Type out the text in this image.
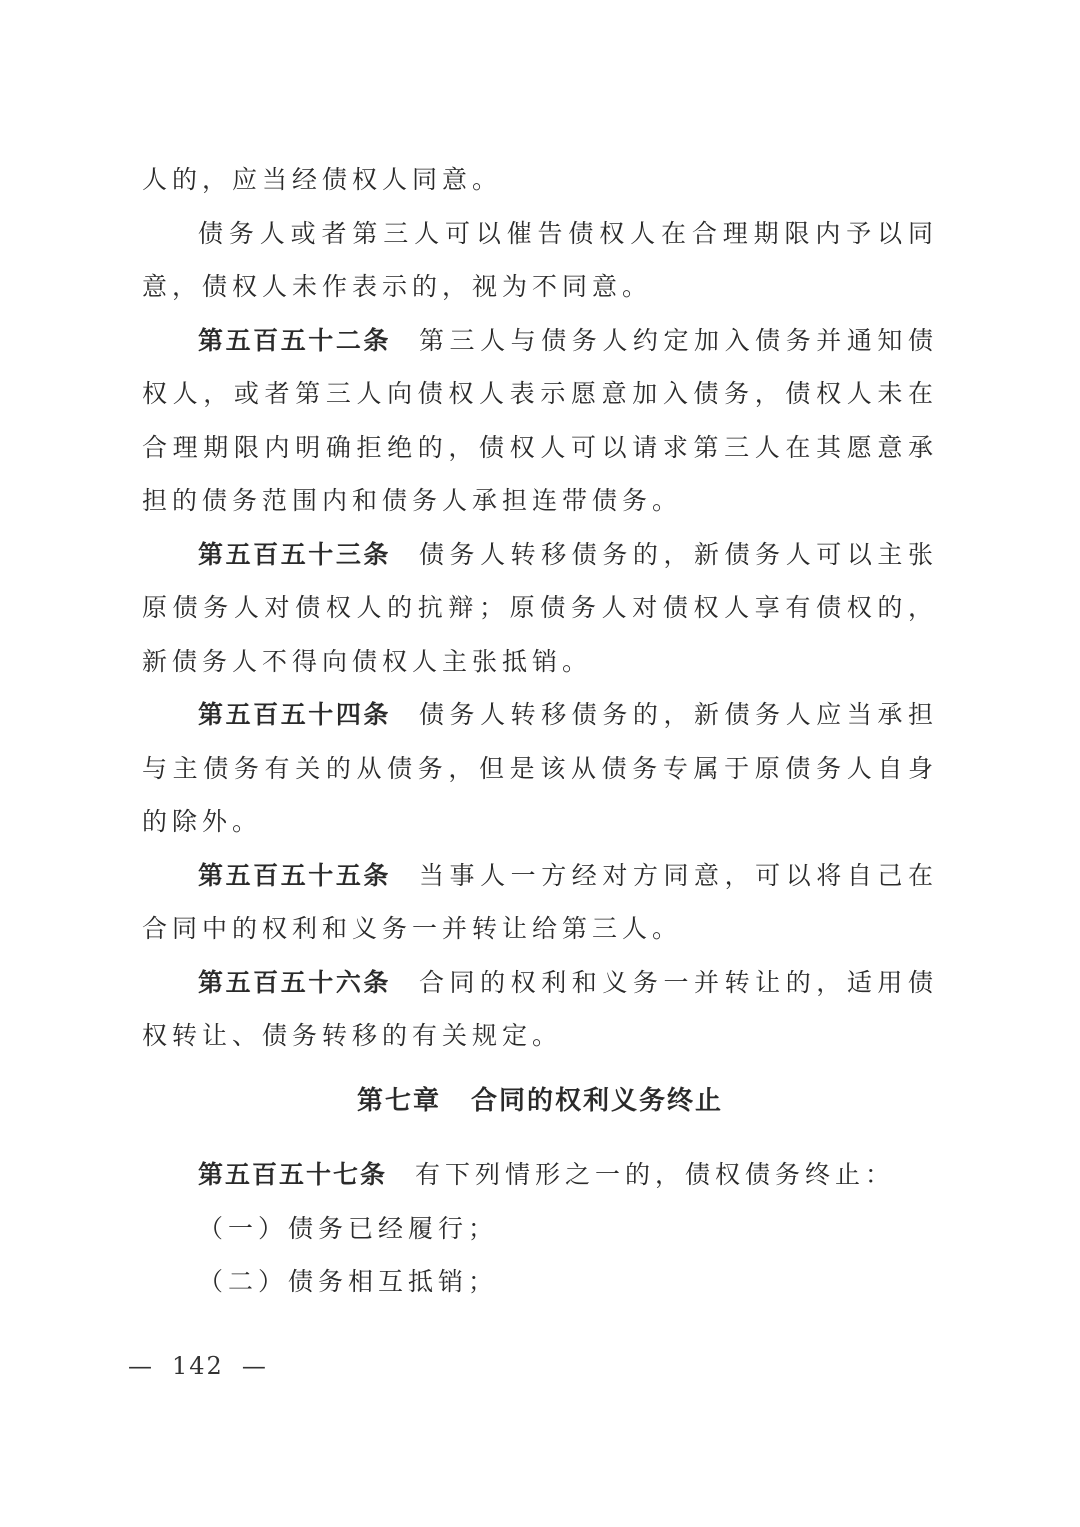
人的，应当经债权人同意。

债务人或者第三人可以催告债权人在合理期限内予以同意，债权人未作表示的，视为不同意。

第五百五十二条 第三人与债务人约定加入债务并通知债权人，或者第三人向债权人表示愿意加入债务，债权人未在合理期限内明确拒绝的，债权人可以请求第三人在其愿意承担的债务范围内和债务人承担连带债务。

第五百五十三条 债务人转移债务的，新债务人可以主张原债务人对债权人的抗辩；原债务人对债权人享有债权的，新债务人不得向债权人主张抵销。

第五百五十四条 债务人转移债务的，新债务人应当承担与主债务有关的从债务，但是该从债务专属于原债务人自身的除外。

第五百五十五条 当事人一方经对方同意，可以将自己在合同中的权利和义务一并转让给第三人。

第五百五十六条 合同的权利和义务一并转让的，适用债权转让、债务转移的有关规定。

第七章 合同的权利义务终止

第五百五十七条 有下列情形之一的，债权债务终止：

（一）债务已经履行；

（二）债务相互抵销；

— 142 —
